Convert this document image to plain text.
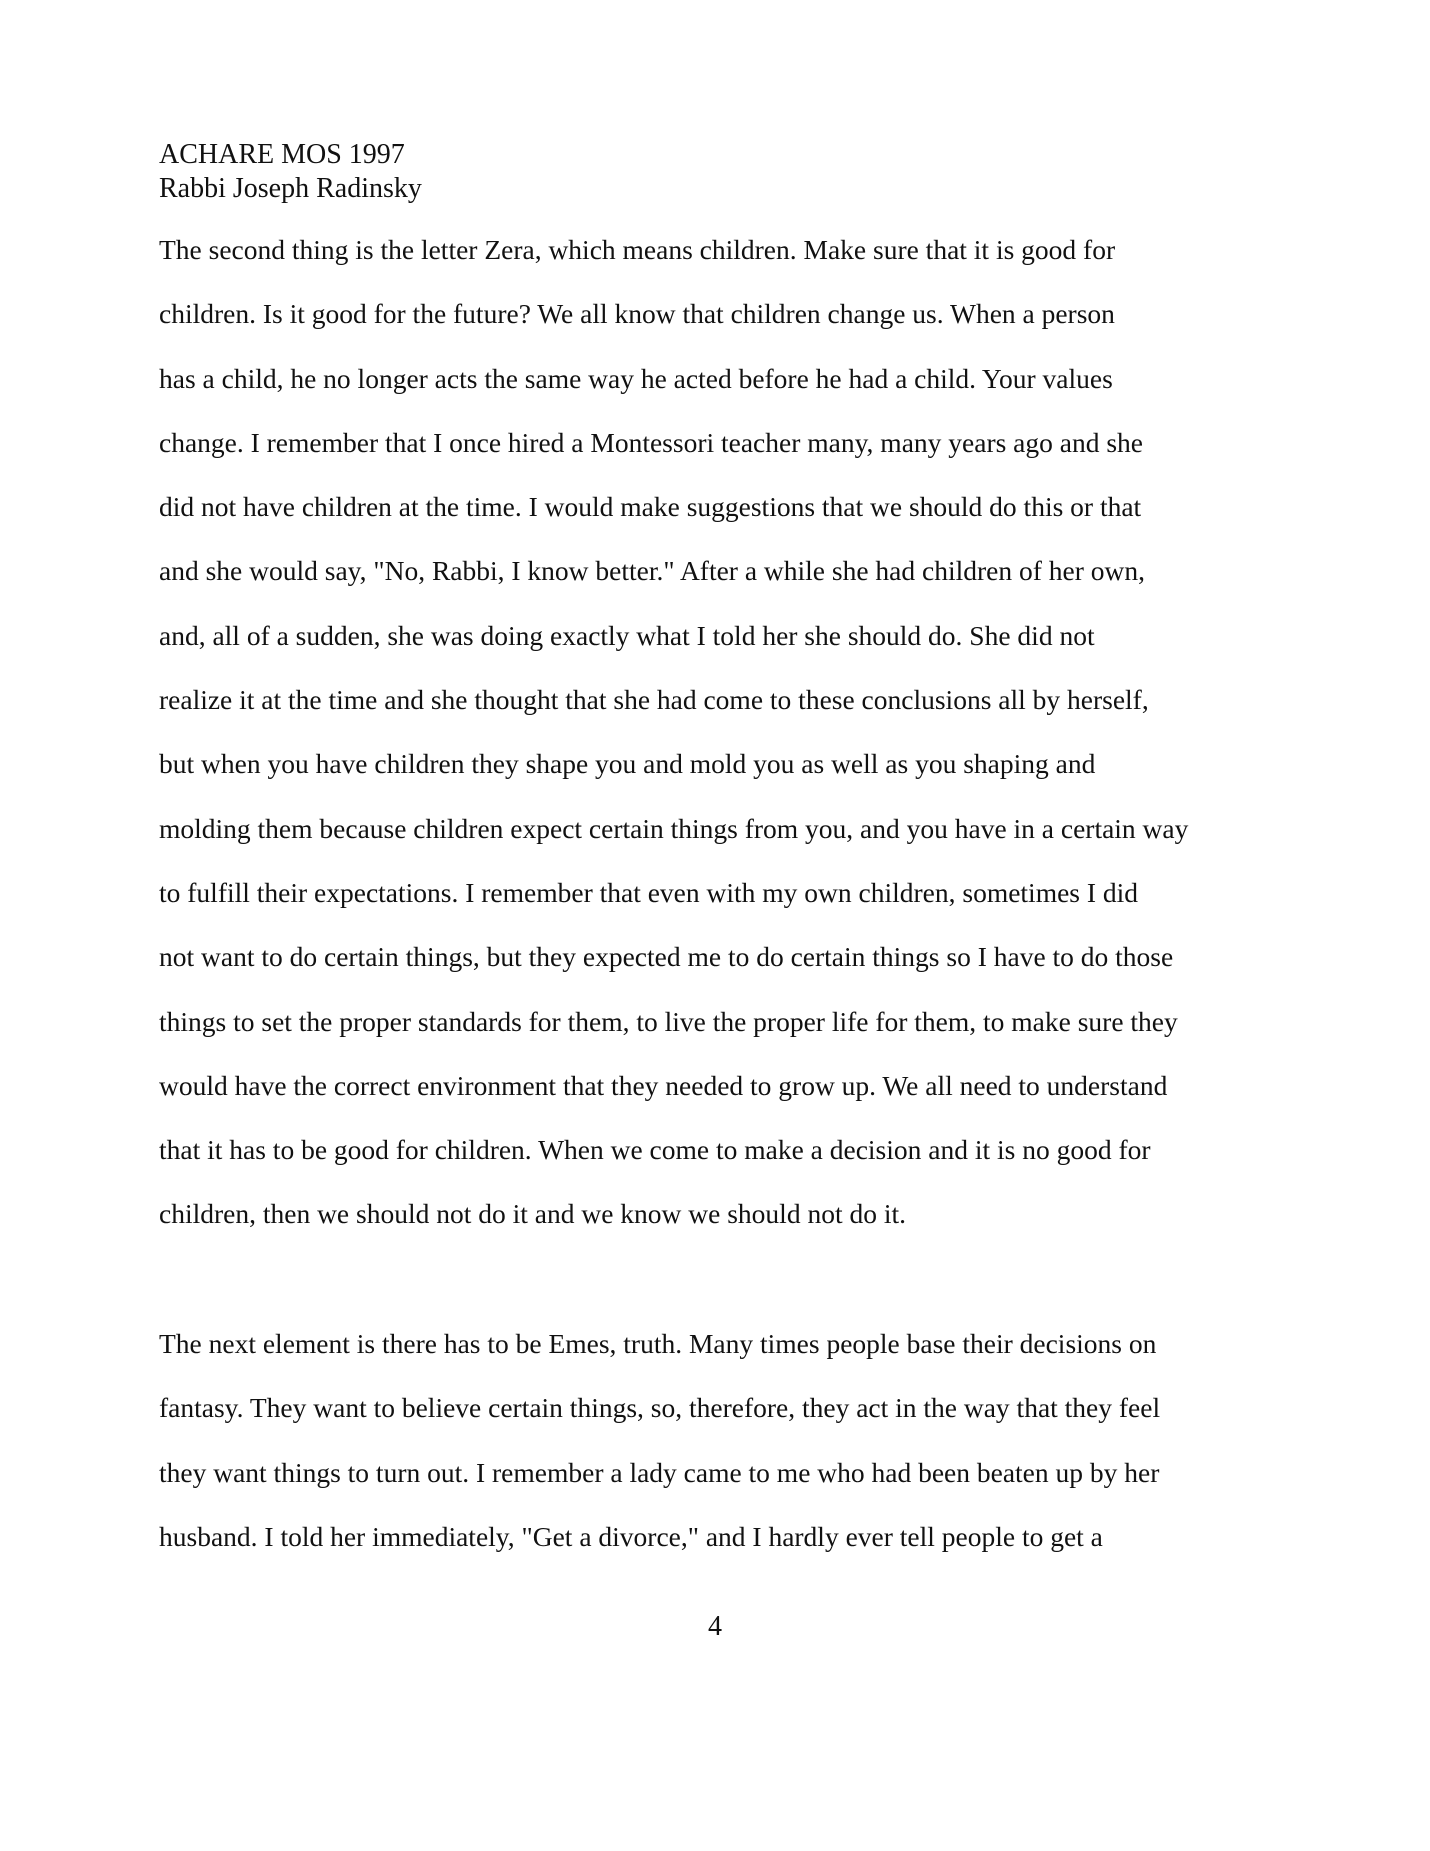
ACHARE MOS 1997
Rabbi Joseph Radinsky
The second thing is the letter Zera, which means children. Make sure that it is good for
children. Is it good for the future? We all know that children change us. When a person
has a child, he no longer acts the same way he acted before he had a child. Your values
change. I remember that I once hired a Montessori teacher many, many years ago and she
did not have children at the time. I would make suggestions that we should do this or that
and she would say, "No, Rabbi, I know better." After a while she had children of her own,
and, all of a sudden, she was doing exactly what I told her she should do. She did not
realize it at the time and she thought that she had come to these conclusions all by herself,
but when you have children they shape you and mold you as well as you shaping and
molding them because children expect certain things from you, and you have in a certain way
to fulfill their expectations. I remember that even with my own children, sometimes I did
not want to do certain things, but they expected me to do certain things so I have to do those
things to set the proper standards for them, to live the proper life for them, to make sure they
would have the correct environment that they needed to grow up. We all need to understand
that it has to be good for children. When we come to make a decision and it is no good for
children, then we should not do it and we know we should not do it.
The next element is there has to be Emes, truth. Many times people base their decisions on
fantasy. They want to believe certain things, so, therefore, they act in the way that they feel
they want things to turn out. I remember a lady came to me who had been beaten up by her
husband. I told her immediately, "Get a divorce," and I hardly ever tell people to get a
4
